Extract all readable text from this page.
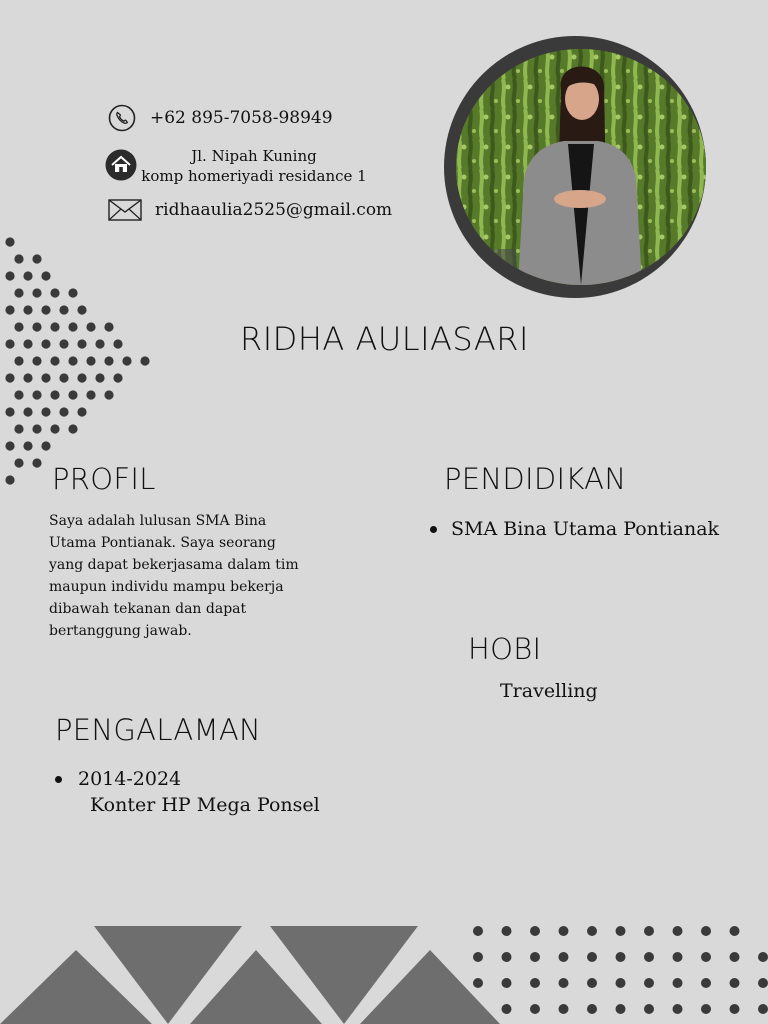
+62 895-7058-98949
Jl. Nipah Kuning
komp homeriyadi residance 1
ridhaaulia2525@gmail.com
RIDHA AULIASARI
PROFIL
Saya adalah lulusan SMA Bina
Utama Pontianak. Saya seorang
yang dapat bekerjasama dalam tim
maupun individu mampu bekerja
dibawah tekanan dan dapat
bertanggung jawab.
PENDIDIKAN
SMA Bina Utama Pontianak
HOBI
Travelling
PENGALAMAN
2014-2024
Konter HP Mega Ponsel
